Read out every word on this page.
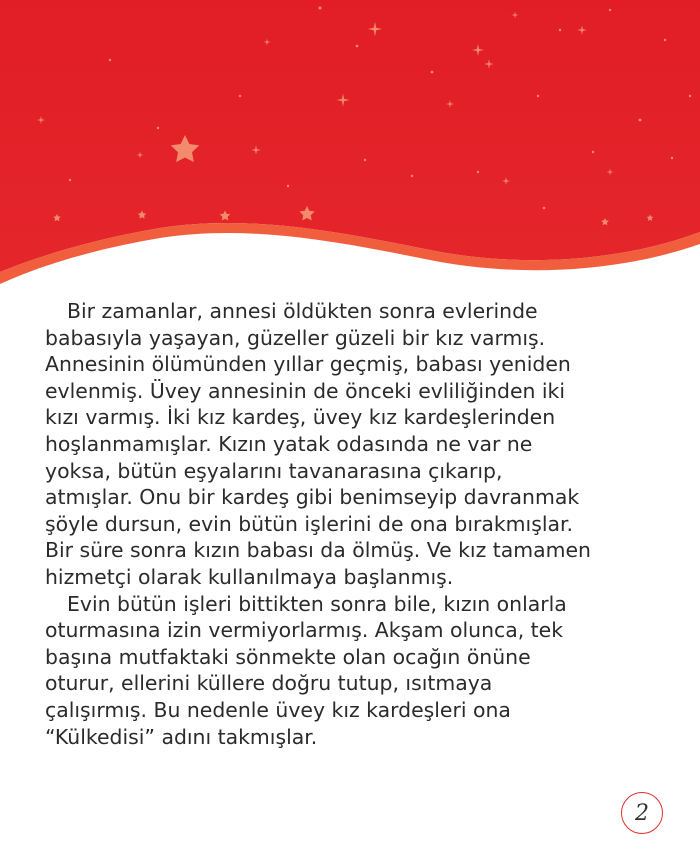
Bir zamanlar, annesi öldükten sonra evlerinde
babasıyla yaşayan, güzeller güzeli bir kız varmış.
Annesinin ölümünden yıllar geçmiş, babası yeniden
evlenmiş. Üvey annesinin de önceki evliliğinden iki
kızı varmış. İki kız kardeş, üvey kız kardeşlerinden
hoşlanmamışlar. Kızın yatak odasında ne var ne
yoksa, bütün eşyalarını tavanarasına çıkarıp,
atmışlar. Onu bir kardeş gibi benimseyip davranmak
şöyle dursun, evin bütün işlerini de ona bırakmışlar.
Bir süre sonra kızın babası da ölmüş. Ve kız tamamen
hizmetçi olarak kullanılmaya başlanmış.
Evin bütün işleri bittikten sonra bile, kızın onlarla
oturmasına izin vermiyorlarmış. Akşam olunca, tek
başına mutfaktaki sönmekte olan ocağın önüne
oturur, ellerini küllere doğru tutup, ısıtmaya
çalışırmış. Bu nedenle üvey kız kardeşleri ona
“Külkedisi” adını takmışlar.
2
